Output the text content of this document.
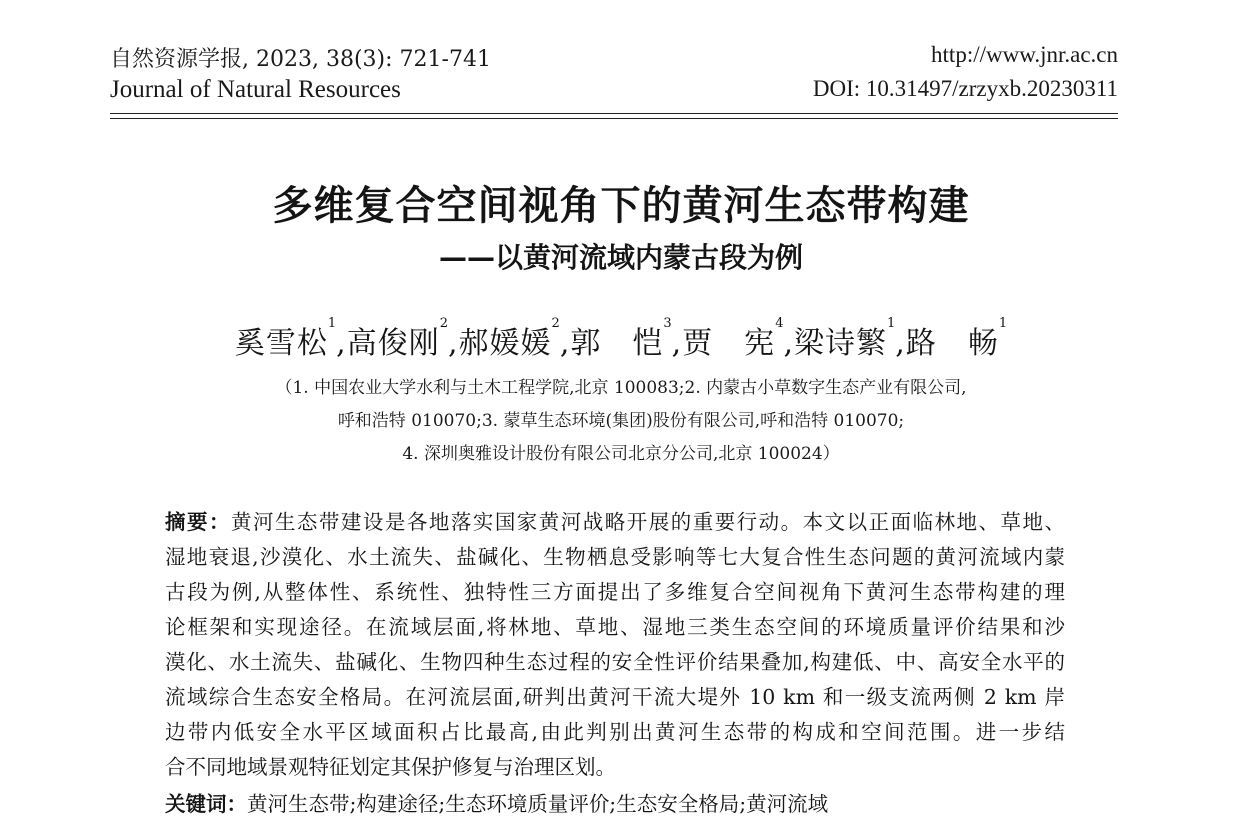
自然资源学报, 2023, 38(3): 721-741
Journal of Natural Resources
http://www.jnr.ac.cn
DOI: 10.31497/zrzyxb.20230311
多维复合空间视角下的黄河生态带构建
——以黄河流域内蒙古段为例
奚雪松$^1$,高俊刚$^2$,郝媛媛$^2$,郭　恺$^3$,贾　宪$^4$,梁诗繁$^1$,路　畅$^1$
（1. 中国农业大学水利与土木工程学院,北京 100083;2. 内蒙古小草数字生态产业有限公司,
呼和浩特 010070;3. 蒙草生态环境(集团)股份有限公司,呼和浩特 010070;
4. 深圳奥雅设计股份有限公司北京分公司,北京 100024）
摘要：黄河生态带建设是各地落实国家黄河战略开展的重要行动。本文以正面临林地、草地、
湿地衰退,沙漠化、水土流失、盐碱化、生物栖息受影响等七大复合性生态问题的黄河流域内蒙
古段为例,从整体性、系统性、独特性三方面提出了多维复合空间视角下黄河生态带构建的理
论框架和实现途径。在流域层面,将林地、草地、湿地三类生态空间的环境质量评价结果和沙
漠化、水土流失、盐碱化、生物四种生态过程的安全性评价结果叠加,构建低、中、高安全水平的
流域综合生态安全格局。在河流层面,研判出黄河干流大堤外 10 km 和一级支流两侧 2 km 岸
边带内低安全水平区域面积占比最高,由此判别出黄河生态带的构成和空间范围。进一步结
合不同地域景观特征划定其保护修复与治理区划。
关键词：黄河生态带;构建途径;生态环境质量评价;生态安全格局;黄河流域
